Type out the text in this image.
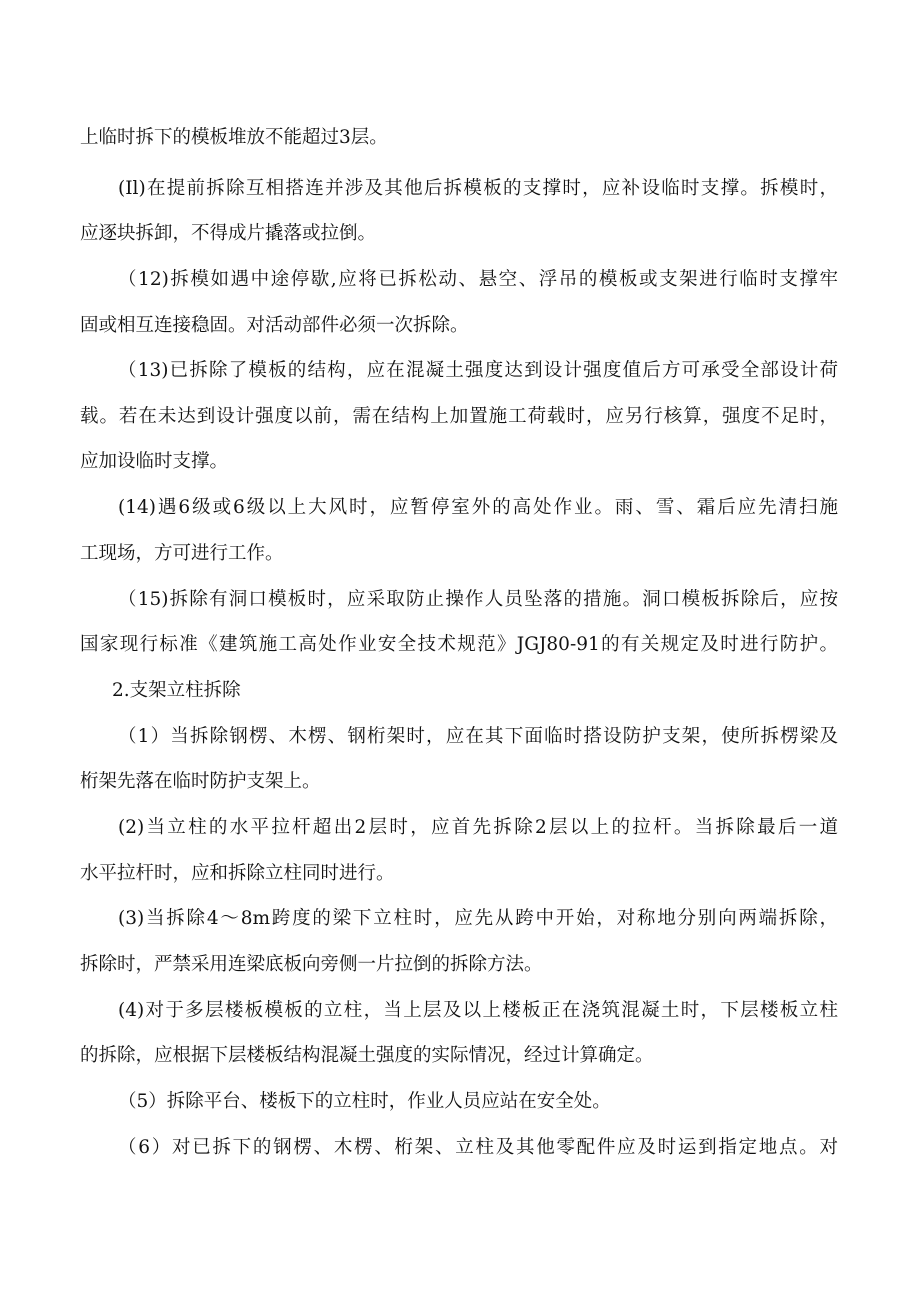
上临时拆下的模板堆放不能超过3层。
(Il)在提前拆除互相搭连并涉及其他后拆模板的支撑时，应补设临时支撑。拆模时，
应逐块拆卸，不得成片撬落或拉倒。
（12)拆模如遇中途停歇,应将已拆松动、悬空、浮吊的模板或支架进行临时支撑牢
固或相互连接稳固。对活动部件必须一次拆除。
（13)已拆除了模板的结构，应在混凝土强度达到设计强度值后方可承受全部设计荷
载。若在未达到设计强度以前，需在结构上加置施工荷载时，应另行核算，强度不足时，
应加设临时支撑。
(14)遇6级或6级以上大风时，应暂停室外的高处作业。雨、雪、霜后应先清扫施
工现场，方可进行工作。
（15)拆除有洞口模板时，应采取防止操作人员坠落的措施。洞口模板拆除后，应按
国家现行标准《建筑施工高处作业安全技术规范》JGJ80-91的有关规定及时进行防护。
2.支架立柱拆除
（1）当拆除钢楞、木楞、钢桁架时，应在其下面临时搭设防护支架，使所拆楞梁及
桁架先落在临时防护支架上。
(2)当立柱的水平拉杆超出2层时，应首先拆除2层以上的拉杆。当拆除最后一道
水平拉杆时，应和拆除立柱同时进行。
(3)当拆除4～8m跨度的梁下立柱时，应先从跨中开始，对称地分别向两端拆除，
拆除时，严禁采用连梁底板向旁侧一片拉倒的拆除方法。
(4)对于多层楼板模板的立柱，当上层及以上楼板正在浇筑混凝土时，下层楼板立柱
的拆除，应根据下层楼板结构混凝土强度的实际情况，经过计算确定。
（5）拆除平台、楼板下的立柱时，作业人员应站在安全处。
（6）对已拆下的钢楞、木楞、桁架、立柱及其他零配件应及时运到指定地点。对
